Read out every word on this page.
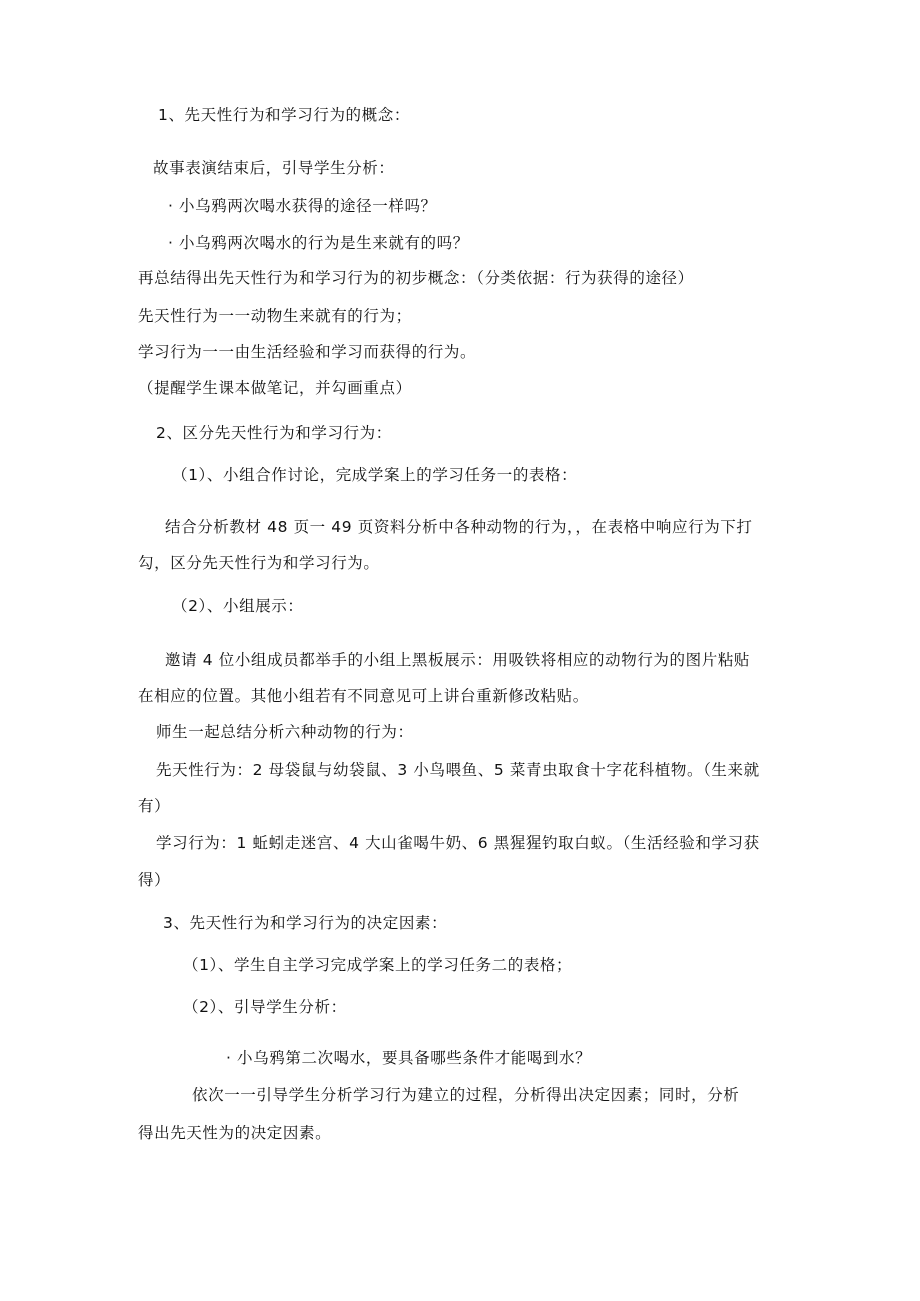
1、先天性行为和学习行为的概念：
故事表演结束后，引导学生分析：
· 小乌鸦两次喝水获得的途径一样吗？
· 小乌鸦两次喝水的行为是生来就有的吗？
再总结得出先天性行为和学习行为的初步概念：（分类依据：行为获得的途径）
先天性行为一一动物生来就有的行为；
学习行为一一由生活经验和学习而获得的行为。
（提醒学生课本做笔记，并勾画重点）
2、区分先天性行为和学习行为：
（1）、小组合作讨论，完成学案上的学习任务一的表格：
结合分析教材 48 页一 49 页资料分析中各种动物的行为，，在表格中响应行为下打
勾，区分先天性行为和学习行为。
（2）、小组展示：
邀请 4 位小组成员都举手的小组上黑板展示：用吸铁将相应的动物行为的图片粘贴
在相应的位置。其他小组若有不同意见可上讲台重新修改粘贴。
师生一起总结分析六种动物的行为：
先天性行为：2 母袋鼠与幼袋鼠、3 小鸟喂鱼、5 菜青虫取食十字花科植物。（生来就
有）
学习行为：1 蚯蚓走迷宫、4 大山雀喝牛奶、6 黑猩猩钓取白蚁。（生活经验和学习获
得）
3、先天性行为和学习行为的决定因素：
（1）、学生自主学习完成学案上的学习任务二的表格；
（2）、引导学生分析：
· 小乌鸦第二次喝水，要具备哪些条件才能喝到水？
依次一一引导学生分析学习行为建立的过程，分析得出决定因素；同时，分析
得出先天性为的决定因素。
